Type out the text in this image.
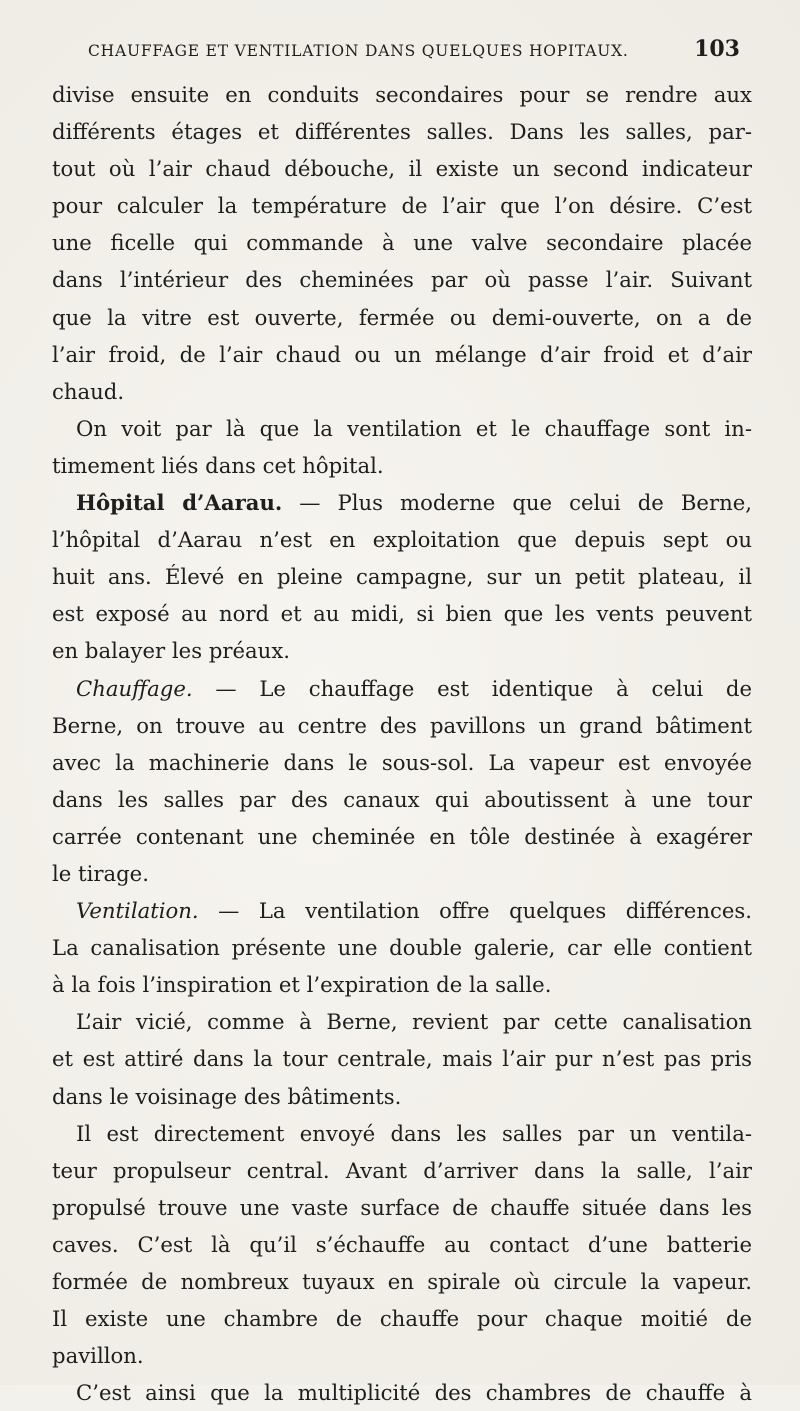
CHAUFFAGE ET VENTILATION DANS QUELQUES HOPITAUX.	103
divise ensuite en conduits secondaires pour se rendre aux
différents étages et différentes salles. Dans les salles, par-
tout où l’air chaud débouche, il existe un second indicateur
pour calculer la température de l’air que l’on désire. C’est
une ficelle qui commande à une valve secondaire placée
dans l’intérieur des cheminées par où passe l’air. Suivant
que la vitre est ouverte, fermée ou demi-ouverte, on a de
l’air froid, de l’air chaud ou un mélange d’air froid et d’air
chaud.
On voit par là que la ventilation et le chauffage sont in-
timement liés dans cet hôpital.
Hôpital d’Aarau. — Plus moderne que celui de Berne,
l’hôpital d’Aarau n’est en exploitation que depuis sept ou
huit ans. Élevé en pleine campagne, sur un petit plateau, il
est exposé au nord et au midi, si bien que les vents peuvent
en balayer les préaux.
Chauffage. — Le chauffage est identique à celui de
Berne, on trouve au centre des pavillons un grand bâtiment
avec la machinerie dans le sous-sol. La vapeur est envoyée
dans les salles par des canaux qui aboutissent à une tour
carrée contenant une cheminée en tôle destinée à exagérer
le tirage.
Ventilation. — La ventilation offre quelques différences.
La canalisation présente une double galerie, car elle contient
à la fois l’inspiration et l’expiration de la salle.
L’air vicié, comme à Berne, revient par cette canalisation
et est attiré dans la tour centrale, mais l’air pur n’est pas pris
dans le voisinage des bâtiments.
Il est directement envoyé dans les salles par un ventila-
teur propulseur central. Avant d’arriver dans la salle, l’air
propulsé trouve une vaste surface de chauffe située dans les
caves. C’est là qu’il s’échauffe au contact d’une batterie
formée de nombreux tuyaux en spirale où circule la vapeur.
Il existe une chambre de chauffe pour chaque moitié de
pavillon.
C’est ainsi que la multiplicité des chambres de chauffe à
